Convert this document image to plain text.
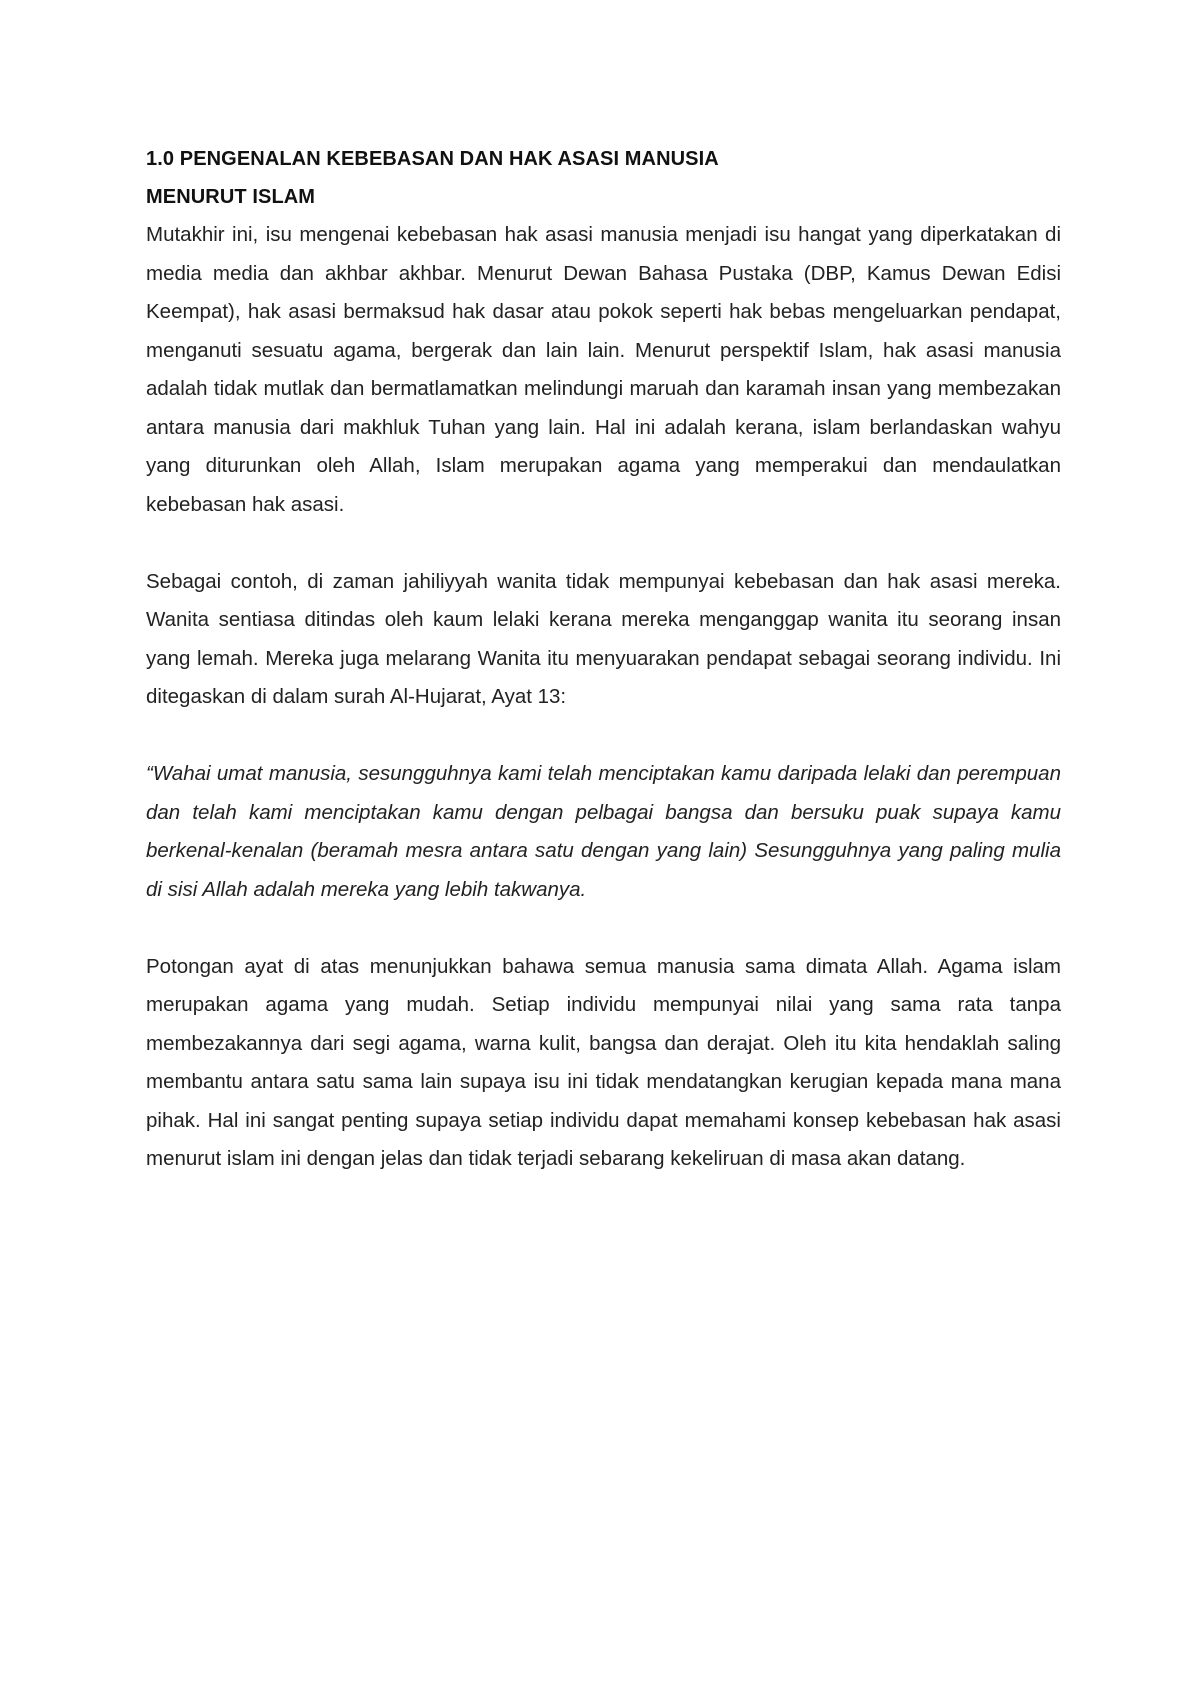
1.0 PENGENALAN KEBEBASAN DAN HAK ASASI MANUSIA

MENURUT ISLAM

Mutakhir ini, isu mengenai kebebasan hak asasi manusia menjadi isu hangat yang diperkatakan di media media dan akhbar akhbar. Menurut Dewan Bahasa Pustaka (DBP, Kamus Dewan Edisi Keempat), hak asasi bermaksud hak dasar atau pokok seperti hak bebas mengeluarkan pendapat, menganuti sesuatu agama, bergerak dan lain lain. Menurut perspektif Islam, hak asasi manusia adalah tidak mutlak dan bermatlamatkan melindungi maruah dan karamah insan yang membezakan antara manusia dari makhluk Tuhan yang lain. Hal ini adalah kerana, islam berlandaskan wahyu yang diturunkan oleh Allah, Islam merupakan agama yang memperakui dan mendaulatkan kebebasan hak asasi.

Sebagai contoh, di zaman jahiliyyah wanita tidak mempunyai kebebasan dan hak asasi mereka. Wanita sentiasa ditindas oleh kaum lelaki kerana mereka menganggap wanita itu seorang insan yang lemah. Mereka juga melarang Wanita itu menyuarakan pendapat sebagai seorang individu. Ini ditegaskan di dalam surah Al-Hujarat, Ayat 13:

“Wahai umat manusia, sesungguhnya kami telah menciptakan kamu daripada lelaki dan perempuan dan telah kami menciptakan kamu dengan pelbagai bangsa dan bersuku puak supaya kamu berkenal-kenalan (beramah mesra antara satu dengan yang lain) Sesungguhnya yang paling mulia di sisi Allah adalah mereka yang lebih takwanya.

Potongan ayat di atas menunjukkan bahawa semua manusia sama dimata Allah. Agama islam merupakan agama yang mudah. Setiap individu mempunyai nilai yang sama rata tanpa membezakannya dari segi agama, warna kulit, bangsa dan derajat. Oleh itu kita hendaklah saling membantu antara satu sama lain supaya isu ini tidak mendatangkan kerugian kepada mana mana pihak. Hal ini sangat penting supaya setiap individu dapat memahami konsep kebebasan hak asasi menurut islam ini dengan jelas dan tidak terjadi sebarang kekeliruan di masa akan datang.
